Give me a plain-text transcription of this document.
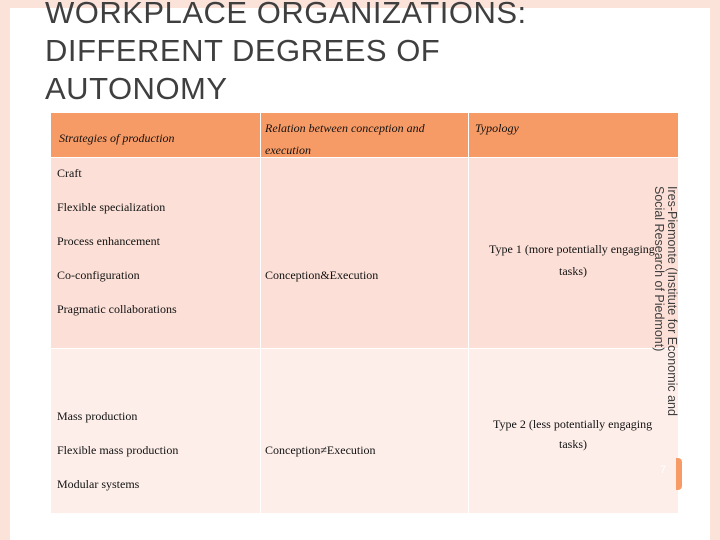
WORKPLACE ORGANIZATIONS:
DIFFERENT DEGREES OF
AUTONOMY
Strategies of production	Relation between conception and
execution	Typology

Craft
Flexible specialization
Process enhancement
Co-configuration
Pragmatic collaborations	Conception&Execution	Type 1 (more potentially engaging
tasks)

Mass production
Flexible mass production
Modular systems	Conception≠Execution	Type 2 (less potentially engaging
tasks)
Ires-Piemonte (Institute for Economic and
Social Research of Piedmont)
7
